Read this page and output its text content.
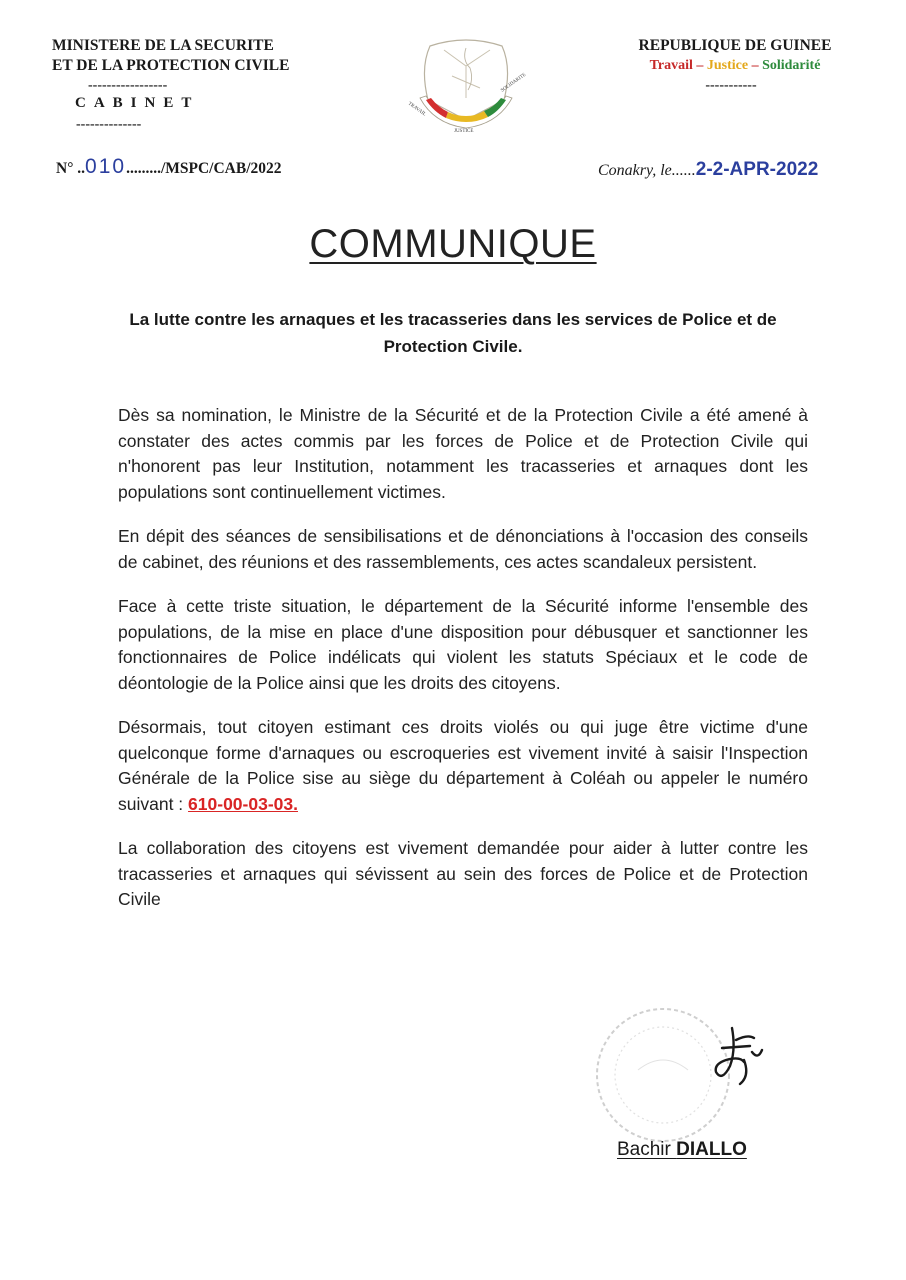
MINISTERE DE LA SECURITE
ET DE LA PROTECTION CIVILE
-----------------
CABINET
--------------
N° ..010........./MSPC/CAB/2022
TRAVAIL
JUSTICE
SOLIDARITE
REPUBLIQUE DE GUINEE
Travail – Justice – Solidarité
-----------
Conakry, le......2-2-APR-2022
COMMUNIQUE
La lutte contre les arnaques et les tracasseries dans les services de Police et de Protection Civile.

Dès sa nomination, le Ministre de la Sécurité et de la Protection Civile a été amené à constater des actes commis par les forces de Police et de Protection Civile qui n'honorent pas leur Institution, notamment les tracasseries et arnaques dont les populations sont continuellement victimes.

En dépit des séances de sensibilisations et de dénonciations à l'occasion des conseils de cabinet, des réunions et des rassemblements, ces actes scandaleux persistent.

Face à cette triste situation, le département de la Sécurité informe l'ensemble des populations, de la mise en place d'une disposition pour débusquer et sanctionner les fonctionnaires de Police indélicats qui violent les statuts Spéciaux et le code de déontologie de la Police ainsi que les droits des citoyens.

Désormais, tout citoyen estimant ces droits violés ou qui juge être victime d'une quelconque forme d'arnaques ou escroqueries est vivement invité à saisir l'Inspection Générale de la Police sise au siège du département à Coléah ou appeler le numéro suivant : 610-00-03-03.

La collaboration des citoyens est vivement demandée pour aider à lutter contre les tracasseries et arnaques qui sévissent au sein des forces de Police et de Protection Civile

Bachir DIALLO
